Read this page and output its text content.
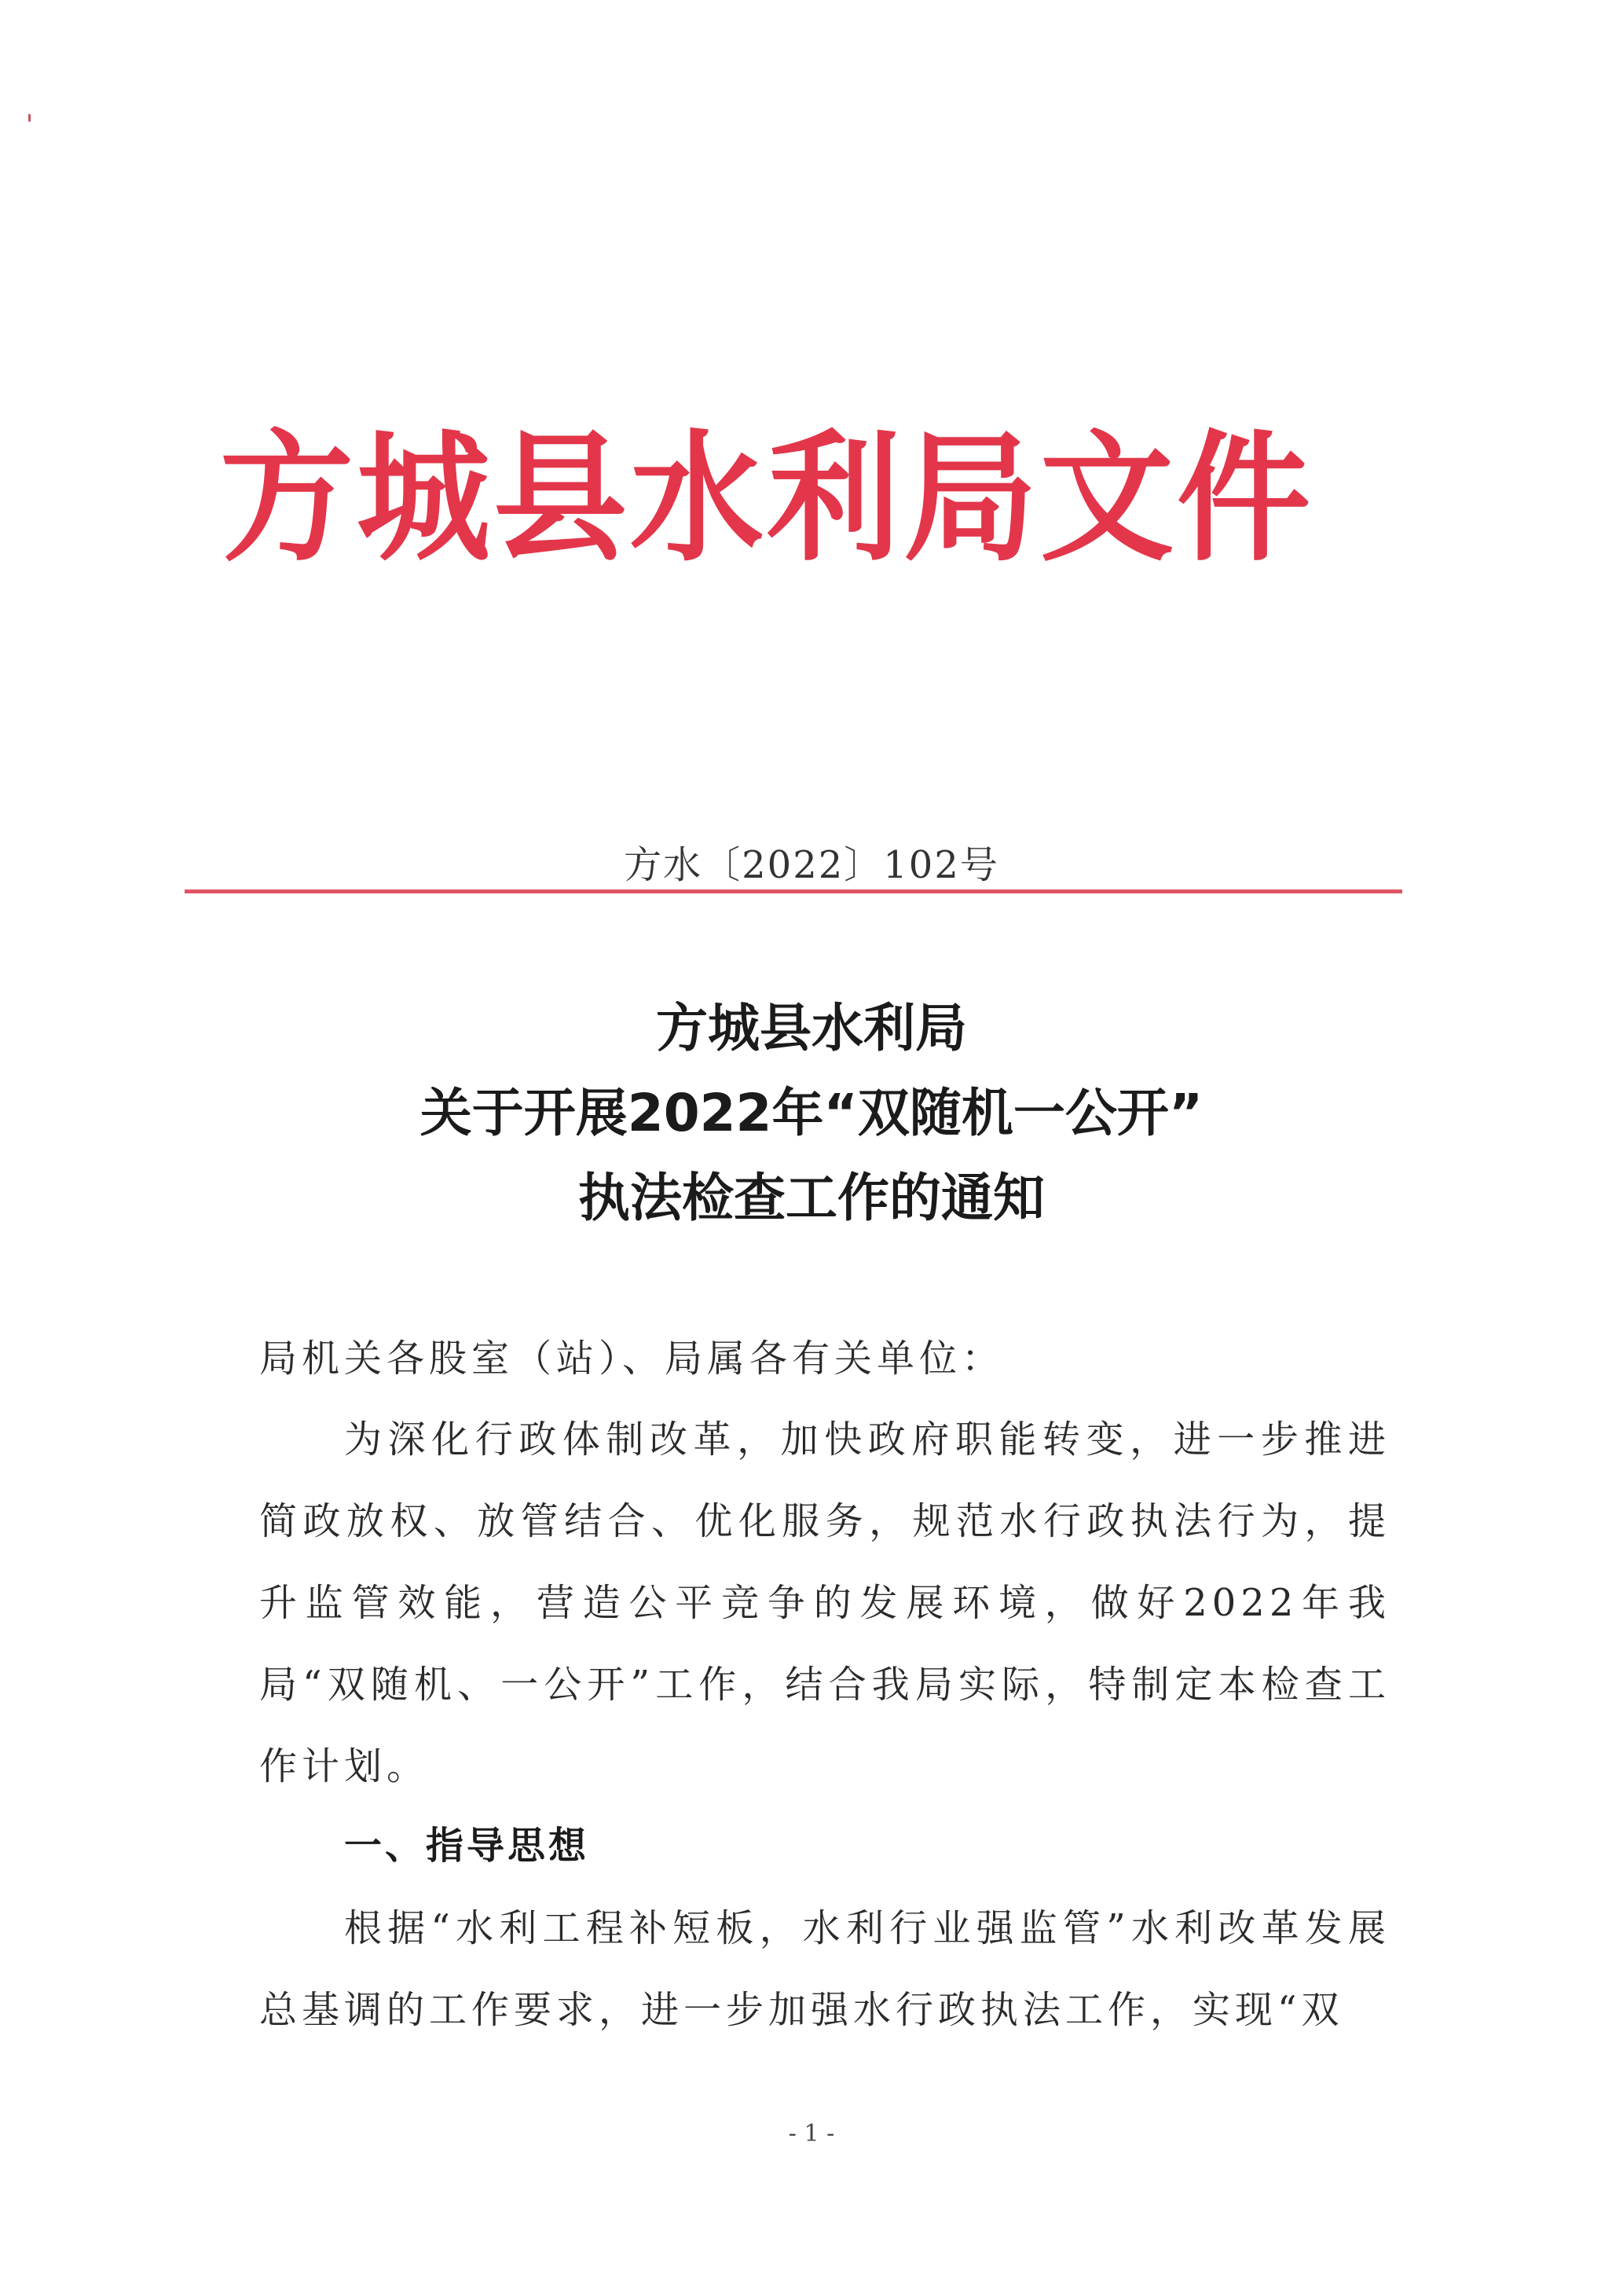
方城县水利局文件
方水〔2022〕102号
方城县水利局
关于开展2022年“双随机一公开”
执法检查工作的通知
局机关各股室（站）、局属各有关单位：
为深化行政体制改革，加快政府职能转变，进一步推进简政放权、放管结合、优化服务，规范水行政执法行为，提升监管效能，营造公平竞争的发展环境，做好2022年我局“双随机、一公开”工作，结合我局实际，特制定本检查工作计划。
一、指导思想
根据“水利工程补短板，水利行业强监管”水利改革发展总基调的工作要求，进一步加强水行政执法工作，实现“双
- 1 -
